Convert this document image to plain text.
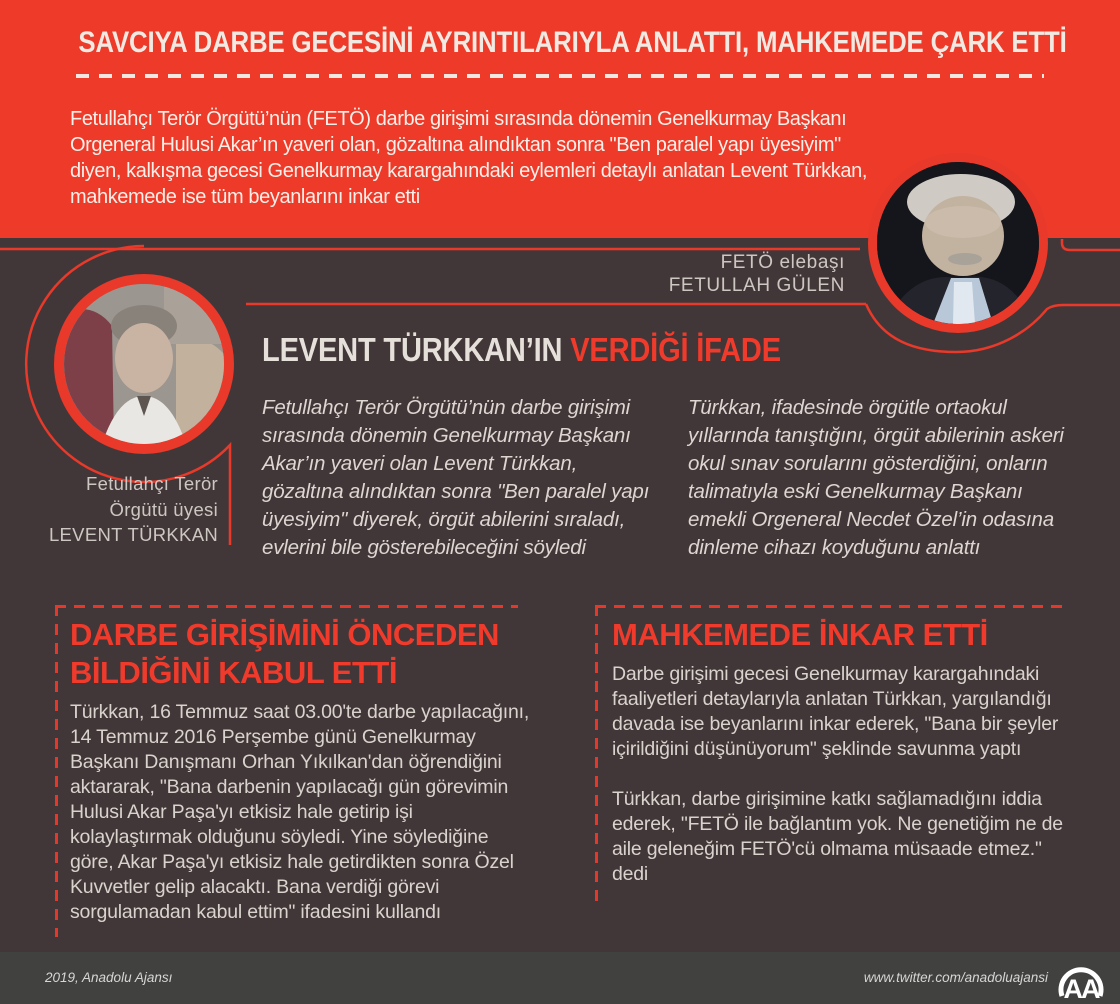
SAVCIYA DARBE GECESİNİ AYRINTILARIYLA ANLATTI, MAHKEMEDE ÇARK ETTİ
Fetullahçı Terör Örgütü’nün (FETÖ) darbe girişimi sırasında dönemin Genelkurmay Başkanı Orgeneral Hulusi Akar’ın yaveri olan, gözaltına alındıktan sonra "Ben paralel yapı üyesiyim" diyen, kalkışma gecesi Genelkurmay karargahındaki eylemleri detaylı anlatan Levent Türkkan, mahkemede ise tüm beyanlarını inkar etti
FETÖ elebaşı
FETULLAH GÜLEN
Fetullahçı Terör
Örgütü üyesi
LEVENT TÜRKKAN
LEVENT TÜRKKAN’IN VERDİĞİ İFADE
Fetullahçı Terör Örgütü’nün darbe girişimi sırasında dönemin Genelkurmay Başkanı Akar’ın yaveri olan Levent Türkkan, gözaltına alındıktan sonra "Ben paralel yapı üyesiyim" diyerek, örgüt abilerini sıraladı, evlerini bile gösterebileceğini söyledi
Türkkan, ifadesinde örgütle ortaokul yıllarında tanıştığını, örgüt abilerinin askeri okul sınav sorularını gösterdiğini, onların talimatıyla eski Genelkurmay Başkanı emekli Orgeneral Necdet Özel’in odasına dinleme cihazı koyduğunu anlattı
DARBE GİRİŞİMİNİ ÖNCEDEN
BİLDİĞİNİ KABUL ETTİ

Türkkan, 16 Temmuz saat 03.00'te darbe yapılacağını, 14 Temmuz 2016 Perşembe günü Genelkurmay Başkanı Danışmanı Orhan Yıkılkan'dan öğrendiğini aktararak, "Bana darbenin yapılacağı gün görevimin Hulusi Akar Paşa'yı etkisiz hale getirip işi kolaylaştırmak olduğunu söyledi. Yine söylediğine göre, Akar Paşa'yı etkisiz hale getirdikten sonra Özel Kuvvetler gelip alacaktı. Bana verdiği görevi sorgulamadan kabul ettim" ifadesini kullandı

MAHKEMEDE İNKAR ETTİ

Darbe girişimi gecesi Genelkurmay karargahındaki faaliyetleri detaylarıyla anlatan Türkkan, yargılandığı davada ise beyanlarını inkar ederek, "Bana bir şeyler içirildiğini düşünüyorum" şeklinde savunma yaptı

Türkkan, darbe girişimine katkı sağlamadığını iddia ederek, "FETÖ ile bağlantım yok. Ne genetiğim ne de aile geleneğim FETÖ'cü olmama müsaade etmez." dedi

2019, Anadolu Ajansı	www.twitter.com/anadoluajansi AA
